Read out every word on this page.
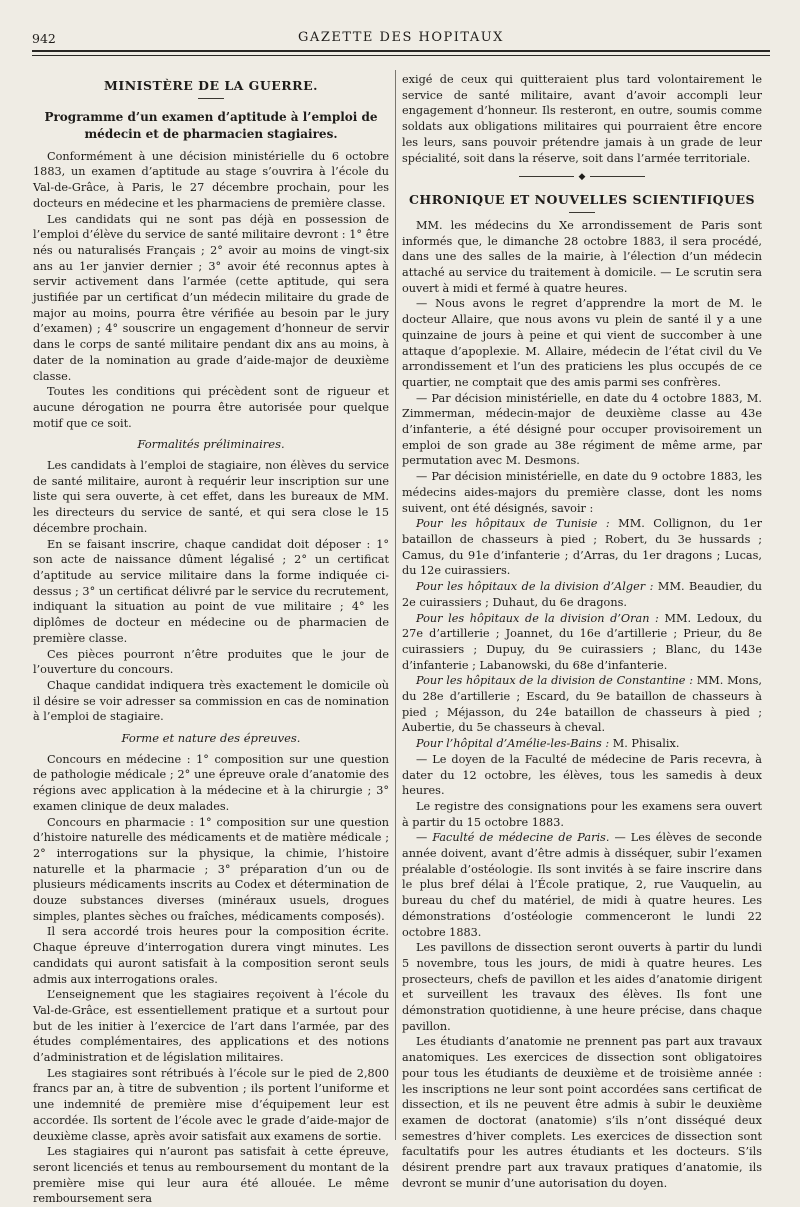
942	GAZETTE DES HOPITAUX
MINISTÈRE DE LA GUERRE.
Programme d’un examen d’aptitude à l’emploi de médecin et de pharmacien stagiaires.

Conformément à une décision ministérielle du 6 octobre 1883, un examen d’aptitude au stage s’ouvrira à l’école du Val-de-Grâce, à Paris, le 27 décembre prochain, pour les docteurs en médecine et les pharmaciens de première classe.

Les candidats qui ne sont pas déjà en possession de l’emploi d’élève du service de santé militaire devront : 1° être nés ou naturalisés Français ; 2° avoir au moins de vingt-six ans au 1er janvier dernier ; 3° avoir été reconnus aptes à servir activement dans l’armée (cette aptitude, qui sera justifiée par un certificat d’un médecin militaire du grade de major au moins, pourra être vérifiée au besoin par le jury d’examen) ; 4° souscrire un engagement d’honneur de servir dans le corps de santé militaire pendant dix ans au moins, à dater de la nomination au grade d’aide-major de deuxième classe.

Toutes les conditions qui précèdent sont de rigueur et aucune dérogation ne pourra être autorisée pour quelque motif que ce soit.

Formalités préliminaires.

Les candidats à l’emploi de stagiaire, non élèves du service de santé militaire, auront à requérir leur inscription sur une liste qui sera ouverte, à cet effet, dans les bureaux de MM. les directeurs du service de santé, et qui sera close le 15 décembre prochain.

En se faisant inscrire, chaque candidat doit déposer : 1° son acte de naissance dûment légalisé ; 2° un certificat d’aptitude au service militaire dans la forme indiquée ci-dessus ; 3° un certificat délivré par le service du recrutement, indiquant la situation au point de vue militaire ; 4° les diplômes de docteur en médecine ou de pharmacien de première classe.

Ces pièces pourront n’être produites que le jour de l’ouverture du concours.

Chaque candidat indiquera très exactement le domicile où il désire se voir adresser sa commission en cas de nomination à l’emploi de stagiaire.

Forme et nature des épreuves.

Concours en médecine : 1° composition sur une question de pathologie médicale ; 2° une épreuve orale d’anatomie des régions avec application à la médecine et à la chirurgie ; 3° examen clinique de deux malades.

Concours en pharmacie : 1° composition sur une question d’histoire naturelle des médicaments et de matière médicale ; 2° interrogations sur la physique, la chimie, l’histoire naturelle et la pharmacie ; 3° préparation d’un ou de plusieurs médicaments inscrits au Codex et détermination de douze substances diverses (minéraux usuels, drogues simples, plantes sèches ou fraîches, médicaments composés).

Il sera accordé trois heures pour la composition écrite. Chaque épreuve d’interrogation durera vingt minutes. Les candidats qui auront satisfait à la composition seront seuls admis aux interrogations orales.

L’enseignement que les stagiaires reçoivent à l’école du Val-de-Grâce, est essentiellement pratique et a surtout pour but de les initier à l’exercice de l’art dans l’armée, par des études complémentaires, des applications et des notions d’administration et de législation militaires.

Les stagiaires sont rétribués à l’école sur le pied de 2,800 francs par an, à titre de subvention ; ils portent l’uniforme et une indemnité de première mise d’équipement leur est accordée. Ils sortent de l’école avec le grade d’aide-major de deuxième classe, après avoir satisfait aux examens de sortie.

Les stagiaires qui n’auront pas satisfait à cette épreuve, seront licenciés et tenus au remboursement du montant de la première mise qui leur aura été allouée. Le même remboursement sera

exigé de ceux qui quitteraient plus tard volontairement le service de santé militaire, avant d’avoir accompli leur engagement d’honneur. Ils resteront, en outre, soumis comme soldats aux obligations militaires qui pourraient être encore les leurs, sans pouvoir prétendre jamais à un grade de leur spécialité, soit dans la réserve, soit dans l’armée territoriale.

◆
CHRONIQUE ET NOUVELLES SCIENTIFIQUES

MM. les médecins du Xe arrondissement de Paris sont informés que, le dimanche 28 octobre 1883, il sera procédé, dans une des salles de la mairie, à l’élection d’un médecin attaché au service du traitement à domicile. — Le scrutin sera ouvert à midi et fermé à quatre heures.

— Nous avons le regret d’apprendre la mort de M. le docteur Allaire, que nous avons vu plein de santé il y a une quinzaine de jours à peine et qui vient de succomber à une attaque d’apoplexie. M. Allaire, médecin de l’état civil du Ve arrondissement et l’un des praticiens les plus occupés de ce quartier, ne comptait que des amis parmi ses confrères.

— Par décision ministérielle, en date du 4 octobre 1883, M. Zimmerman, médecin-major de deuxième classe au 43e d’infanterie, a été désigné pour occuper provisoirement un emploi de son grade au 38e régiment de même arme, par permutation avec M. Desmons.

— Par décision ministérielle, en date du 9 octobre 1883, les médecins aides-majors du première classe, dont les noms suivent, ont été désignés, savoir :

Pour les hôpitaux de Tunisie : MM. Collignon, du 1er bataillon de chasseurs à pied ; Robert, du 3e hussards ; Camus, du 91e d’infanterie ; d’Arras, du 1er dragons ; Lucas, du 12e cuirassiers.

Pour les hôpitaux de la division d’Alger : MM. Beaudier, du 2e cuirassiers ; Duhaut, du 6e dragons.

Pour les hôpitaux de la division d’Oran : MM. Ledoux, du 27e d’artillerie ; Joannet, du 16e d’artillerie ; Prieur, du 8e cuirassiers ; Dupuy, du 9e cuirassiers ; Blanc, du 143e d’infanterie ; Labanowski, du 68e d’infanterie.

Pour les hôpitaux de la division de Constantine : MM. Mons, du 28e d’artillerie ; Escard, du 9e bataillon de chasseurs à pied ; Méjasson, du 24e bataillon de chasseurs à pied ; Aubertie, du 5e chasseurs à cheval.

Pour l’hôpital d’Amélie-les-Bains : M. Phisalix.

— Le doyen de la Faculté de médecine de Paris recevra, à dater du 12 octobre, les élèves, tous les samedis à deux heures.

Le registre des consignations pour les examens sera ouvert à partir du 15 octobre 1883.

— Faculté de médecine de Paris. — Les élèves de seconde année doivent, avant d’être admis à disséquer, subir l’examen préalable d’ostéologie. Ils sont invités à se faire inscrire dans le plus bref délai à l’École pratique, 2, rue Vauquelin, au bureau du chef du matériel, de midi à quatre heures. Les démonstrations d’ostéologie commenceront le lundi 22 octobre 1883.

Les pavillons de dissection seront ouverts à partir du lundi 5 novembre, tous les jours, de midi à quatre heures. Les prosecteurs, chefs de pavillon et les aides d’anatomie dirigent et surveillent les travaux des élèves. Ils font une démonstration quotidienne, à une heure précise, dans chaque pavillon.

Les étudiants d’anatomie ne prennent pas part aux travaux anatomiques. Les exercices de dissection sont obligatoires pour tous les étudiants de deuxième et de troisième année : les inscriptions ne leur sont point accordées sans certificat de dissection, et ils ne peuvent être admis à subir le deuxième examen de doctorat (anatomie) s’ils n’ont disséqué deux semestres d’hiver complets. Les exercices de dissection sont facultatifs pour les autres étudiants et les docteurs. S’ils désirent prendre part aux travaux pratiques d’anatomie, ils devront se munir d’une autorisation du doyen.
